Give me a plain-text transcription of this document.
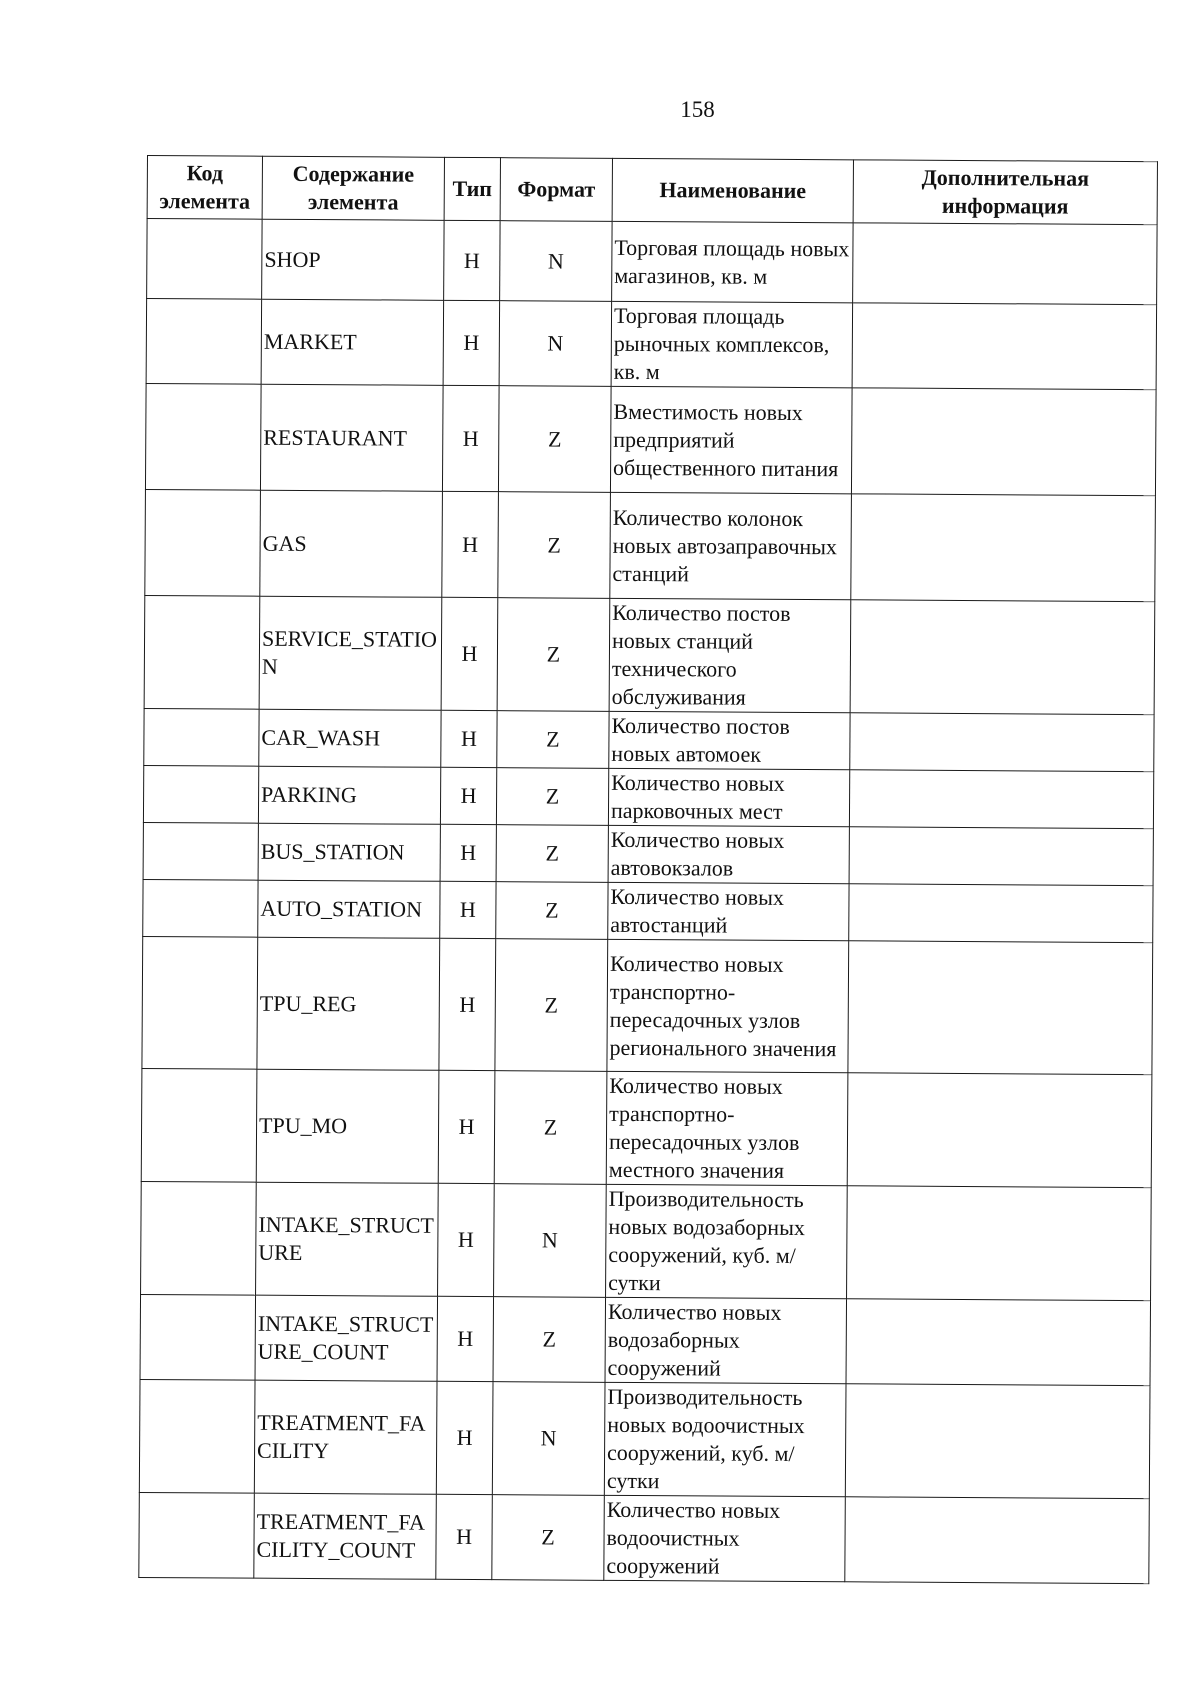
158
Код элемента	Содержание элемента	Тип	Формат	Наименование	Дополнительная информация
	SHOP	H	N	Торговая площадь новых магазинов, кв. м	
	MARKET	H	N	Торговая площадь рыночных комплексов, кв. м	
	RESTAURANT	H	Z	Вместимость новых предприятий общественного питания	
	GAS	H	Z	Количество колонок новых автозаправочных станций	
	SERVICE_STATION	H	Z	Количество постов новых станций технического обслуживания	
	CAR_WASH	H	Z	Количество постов новых автомоек	
	PARKING	H	Z	Количество новых парковочных мест	
	BUS_STATION	H	Z	Количество новых автовокзалов	
	AUTO_STATION	H	Z	Количество новых автостанций	
	TPU_REG	H	Z	Количество новых транспортно-пересадочных узлов регионального значения	
	TPU_MO	H	Z	Количество новых транспортно-пересадочных узлов местного значения	
	INTAKE_STRUCTURE	H	N	Производительность новых водозаборных сооружений, куб. м/сутки	
	INTAKE_STRUCTURE_COUNT	H	Z	Количество новых водозаборных сооружений	
	TREATMENT_FACILITY	H	N	Производительность новых водоочистных сооружений, куб. м/сутки	
	TREATMENT_FACILITY_COUNT	H	Z	Количество новых водоочистных сооружений	
